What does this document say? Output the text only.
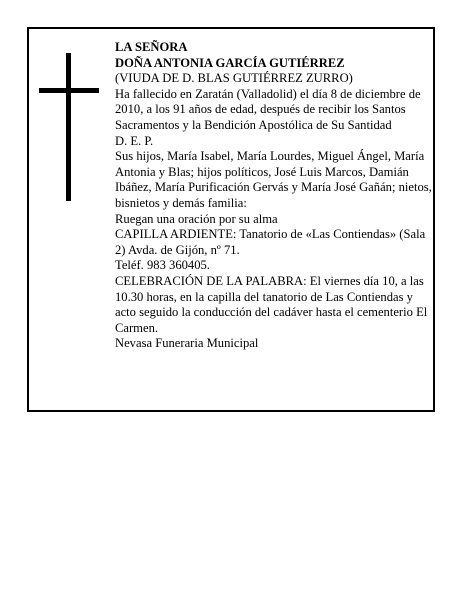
LA SEÑORA

DOÑA ANTONIA GARCÍA GUTIÉRREZ

(VIUDA DE D. BLAS GUTIÉRREZ ZURRO)

Ha fallecido en Zaratán (Valladolid) el día 8 de diciembre de 2010, a los 91 años de edad, después de recibir los Santos Sacramentos y la Bendición Apostólica de Su Santidad

D. E. P.

Sus hijos, María Isabel, María Lourdes, Miguel Ángel, María Antonia y Blas; hijos políticos, José Luis Marcos, Damián Ibáñez, María Purificación Gervás y María José Gañán; nietos, bisnietos y demás familia:

Ruegan una oración por su alma

CAPILLA ARDIENTE: Tanatorio de «Las Contiendas» (Sala 2) Avda. de Gijón, nº 71.

Teléf. 983 360405.

CELEBRACIÓN DE LA PALABRA: El viernes día 10, a las 10.30 horas, en la capilla del tanatorio de Las Contiendas y acto seguido la conducción del cadáver hasta el cementerio El Carmen.

Nevasa Funeraria Municipal
